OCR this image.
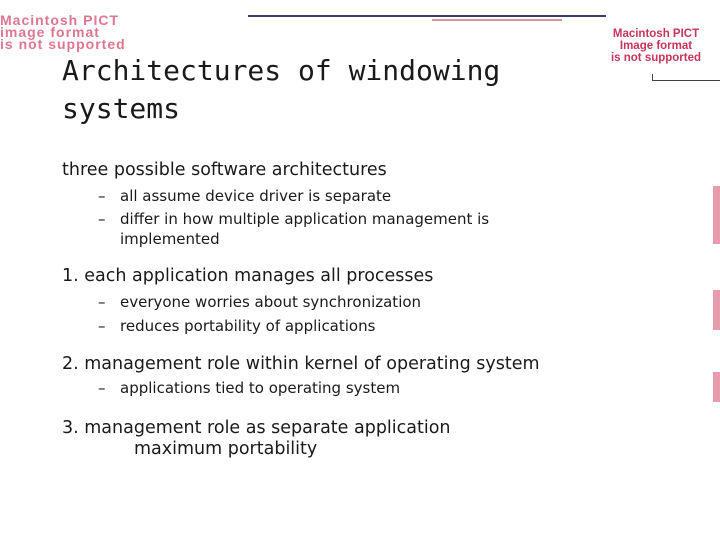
Macintosh PICT
image format
is not supported
Macintosh PICT
Image format
is not supported
Architectures of windowing
systems
three possible software architectures
– all assume device driver is separate
– differ in how multiple application management is
implemented
1. each application manages all processes
– everyone worries about synchronization
– reduces portability of applications
2. management role within kernel of operating system
– applications tied to operating system
3. management role as separate application
maximum portability
